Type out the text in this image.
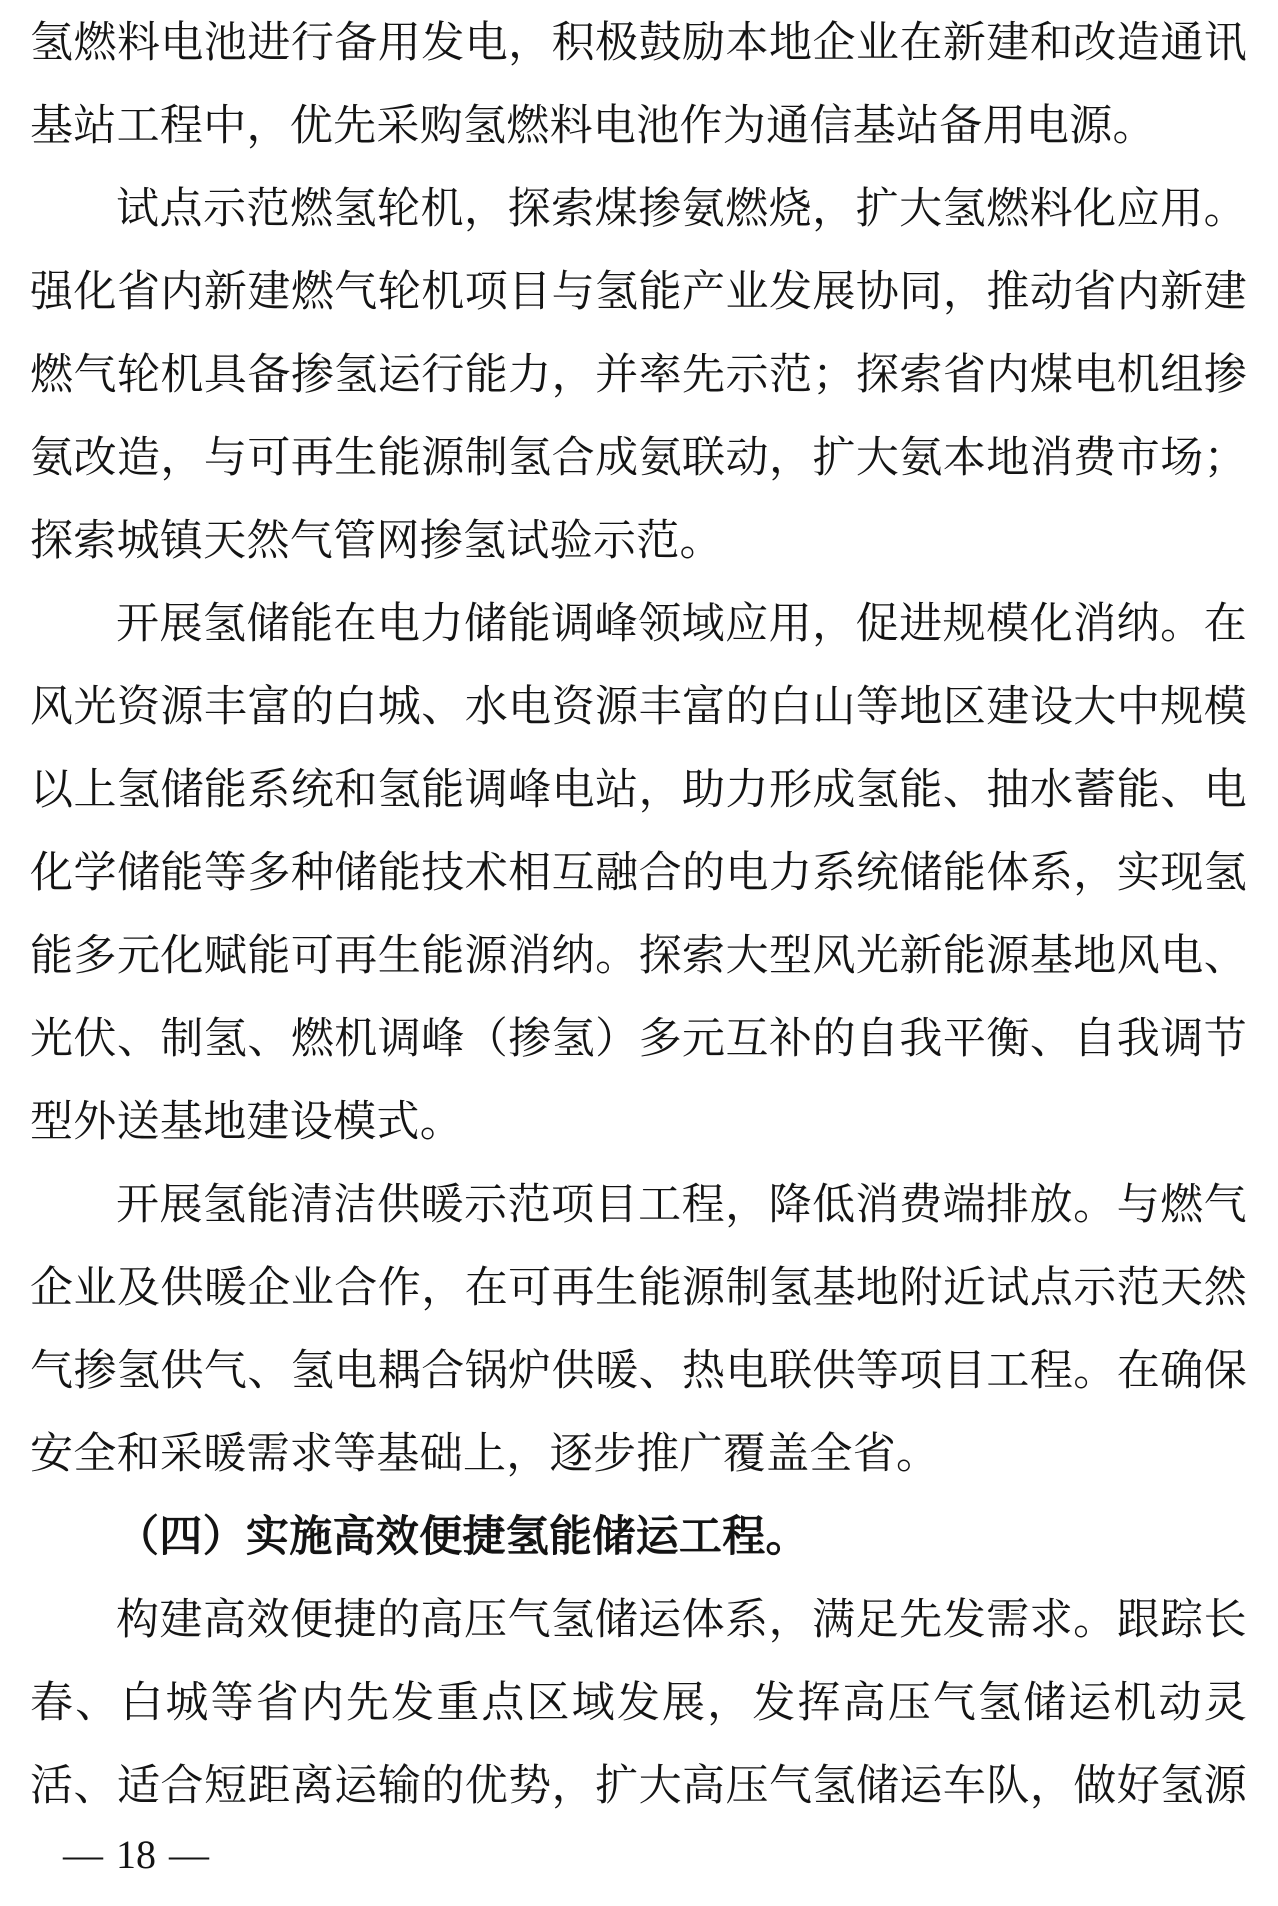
氢燃料电池进行备用发电，积极鼓励本地企业在新建和改造通讯
基站工程中，优先采购氢燃料电池作为通信基站备用电源。
试点示范燃氢轮机，探索煤掺氨燃烧，扩大氢燃料化应用。
强化省内新建燃气轮机项目与氢能产业发展协同，推动省内新建
燃气轮机具备掺氢运行能力，并率先示范；探索省内煤电机组掺
氨改造，与可再生能源制氢合成氨联动，扩大氨本地消费市场；
探索城镇天然气管网掺氢试验示范。
开展氢储能在电力储能调峰领域应用，促进规模化消纳。在
风光资源丰富的白城、水电资源丰富的白山等地区建设大中规模
以上氢储能系统和氢能调峰电站，助力形成氢能、抽水蓄能、电
化学储能等多种储能技术相互融合的电力系统储能体系，实现氢
能多元化赋能可再生能源消纳。探索大型风光新能源基地风电、
光伏、制氢、燃机调峰（掺氢）多元互补的自我平衡、自我调节
型外送基地建设模式。
开展氢能清洁供暖示范项目工程，降低消费端排放。与燃气
企业及供暖企业合作，在可再生能源制氢基地附近试点示范天然
气掺氢供气、氢电耦合锅炉供暖、热电联供等项目工程。在确保
安全和采暖需求等基础上，逐步推广覆盖全省。
（四）实施高效便捷氢能储运工程。
构建高效便捷的高压气氢储运体系，满足先发需求。跟踪长
春、白城等省内先发重点区域发展，发挥高压气氢储运机动灵
活、适合短距离运输的优势，扩大高压气氢储运车队，做好氢源
— 18 —
